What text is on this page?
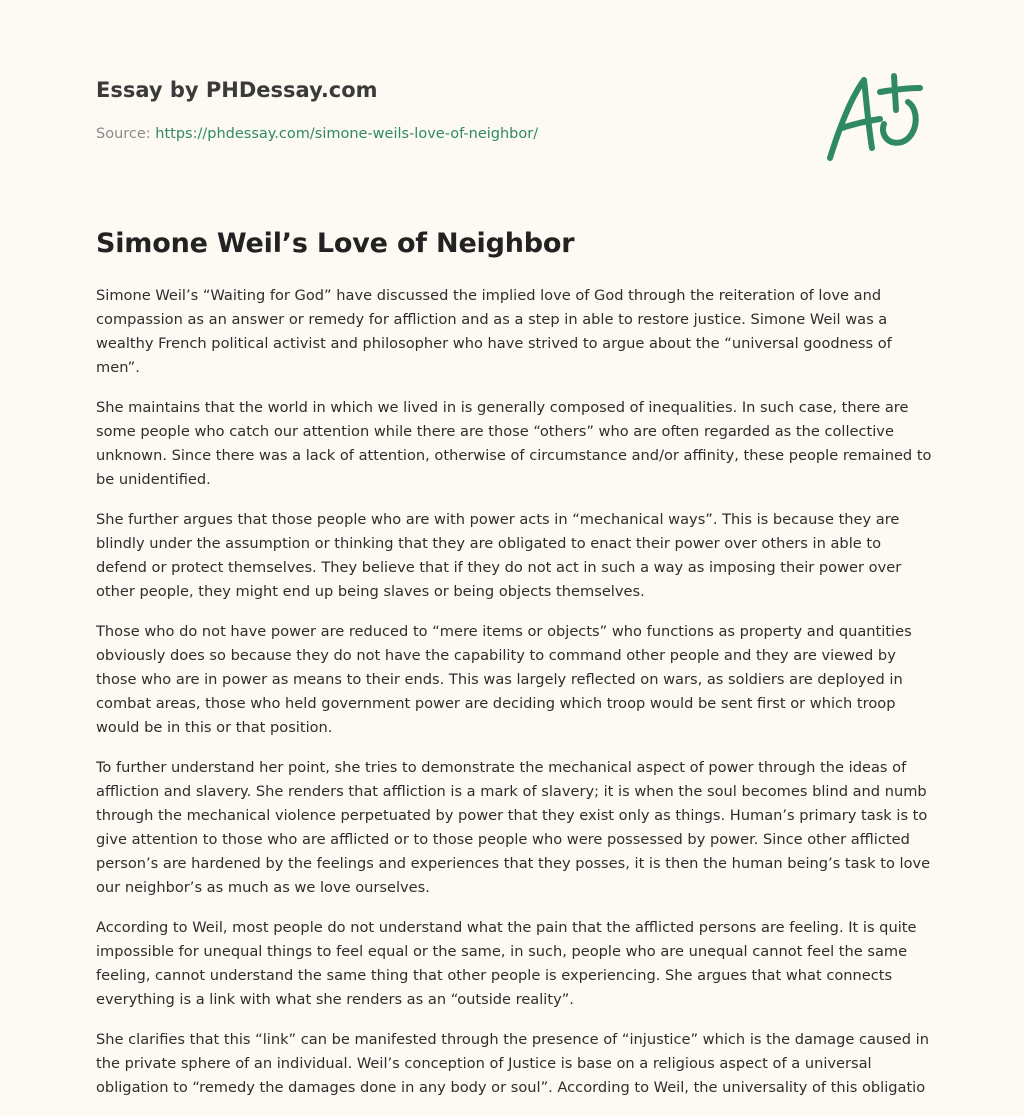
Essay by PHDessay.com
Source: https://phdessay.com/simone-weils-love-of-neighbor/
Simone Weil’s Love of Neighbor

Simone Weil’s “Waiting for God” have discussed the implied love of God through the reiteration of love and compassion as an answer or remedy for affliction and as a step in able to restore justice. Simone Weil was a wealthy French political activist and philosopher who have strived to argue about the “universal goodness of men”.

She maintains that the world in which we lived in is generally composed of inequalities. In such case, there are some people who catch our attention while there are those “others” who are often regarded as the collective unknown. Since there was a lack of attention, otherwise of circumstance and/or affinity, these people remained to be unidentified.

She further argues that those people who are with power acts in “mechanical ways”. This is because they are blindly under the assumption or thinking that they are obligated to enact their power over others in able to defend or protect themselves. They believe that if they do not act in such a way as imposing their power over other people, they might end up being slaves or being objects themselves.

Those who do not have power are reduced to “mere items or objects” who functions as property and quantities obviously does so because they do not have the capability to command other people and they are viewed by those who are in power as means to their ends. This was largely reflected on wars, as soldiers are deployed in combat areas, those who held government power are deciding which troop would be sent first or which troop would be in this or that position.

To further understand her point, she tries to demonstrate the mechanical aspect of power through the ideas of affliction and slavery. She renders that affliction is a mark of slavery; it is when the soul becomes blind and numb through the mechanical violence perpetuated by power that they exist only as things. Human’s primary task is to give attention to those who are afflicted or to those people who were possessed by power. Since other afflicted person’s are hardened by the feelings and experiences that they posses, it is then the human being’s task to love our neighbor’s as much as we love ourselves.

According to Weil, most people do not understand what the pain that the afflicted persons are feeling. It is quite impossible for unequal things to feel equal or the same, in such, people who are unequal cannot feel the same feeling, cannot understand the same thing that other people is experiencing. She argues that what connects everything is a link with what she renders as an “outside reality”.

She clarifies that this “link” can be manifested through the presence of “injustice” which is the damage caused in
the private sphere of an individual. Weil’s conception of Justice is base on a religious aspect of a universal
obligation to “remedy the damages done in any body or soul”. According to Weil, the universality of this obligatio
